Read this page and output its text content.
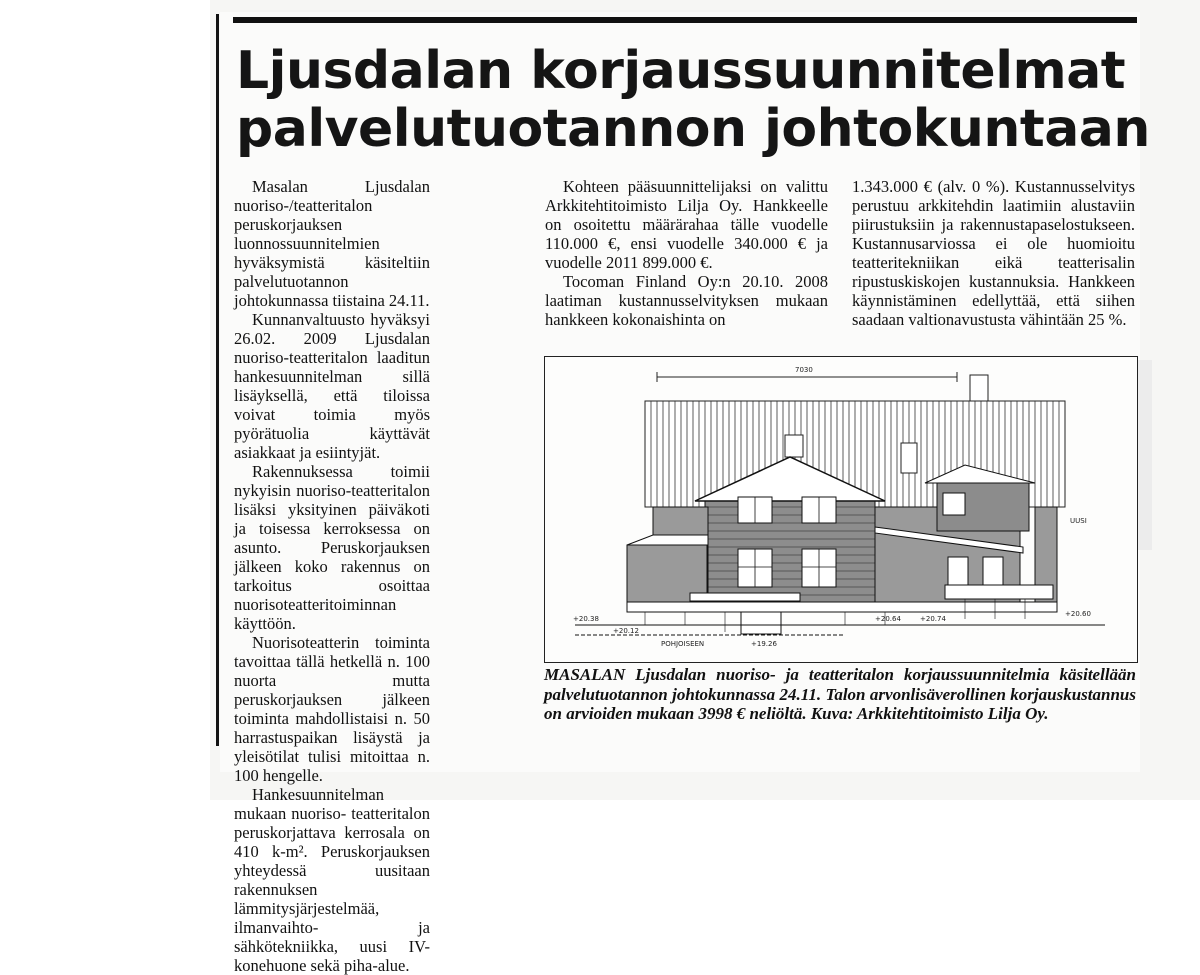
Ljusdalan korjaussuunnitelmat
palvelutuotannon johtokuntaan

Masalan Ljusdalan nuoriso-/teatteritalon peruskorjauksen luonnossuunnitelmien hyväksymistä käsiteltiin palvelutuotannon johtokunnassa tiistaina 24.11.

Kunnanvaltuusto hyväksyi 26.02. 2009 Ljusdalan nuoriso-teatteritalon laaditun hankesuunnitelman sillä lisäyksellä, että tiloissa voivat toimia myös pyörätuolia käyttävät asiakkaat ja esiintyjät.

Rakennuksessa toimii nykyisin nuoriso-teatteritalon lisäksi yksityinen päiväkoti ja toisessa kerroksessa on asunto. Peruskorjauksen jälkeen koko rakennus on tarkoitus osoittaa nuorisoteatteritoiminnan käyttöön.

Nuorisoteatterin toiminta tavoittaa tällä hetkellä n. 100 nuorta mutta peruskorjauksen jälkeen toiminta mahdollistaisi n. 50 harrastuspaikan lisäystä ja yleisötilat tulisi mitoittaa n. 100 hengelle.

Hankesuunnitelman mukaan nuoriso- teatteritalon peruskorjattava kerrosala on 410 k-m². Peruskorjauksen yhteydessä uusitaan rakennuksen lämmitysjärjestelmää, ilmanvaihto- ja sähkötekniikka, uusi IV-konehuone sekä piha-alue.

Kohteen pääsuunnittelijaksi on valittu Arkkitehtitoimisto Lilja Oy. Hankkeelle on osoitettu määrärahaa tälle vuodelle 110.000 €, ensi vuodelle 340.000 € ja vuodelle 2011 899.000 €.

Tocoman Finland Oy:n 20.10. 2008 laatiman kustannusselvityksen mukaan hankkeen kokonaishinta on

1.343.000 € (alv. 0 %). Kustannusselvitys perustuu arkkitehdin laatimiin alustaviin piirustuksiin ja rakennustapaselostukseen. Kustannusarviossa ei ole huomioitu teatteritekniikan eikä teatterisalin ripustuskiskojen kustannuksia. Hankkeen käynnistäminen edellyttää, että siihen saadaan valtionavustusta vähintään 25 %.

7030
UUSI
POHJOISEEN
+20.38
+20.12
+19.26
+20.64	+20.74
+20.60

MASALAN Ljusdalan nuoriso- ja teatteritalon korjaussuunnitelmia käsitellään palvelutuotannon johtokunnassa 24.11. Talon arvonlisäverollinen korjauskustannus on arvioiden mukaan 3998 € neliöltä. Kuva: Arkkitehtitoimisto Lilja Oy.
